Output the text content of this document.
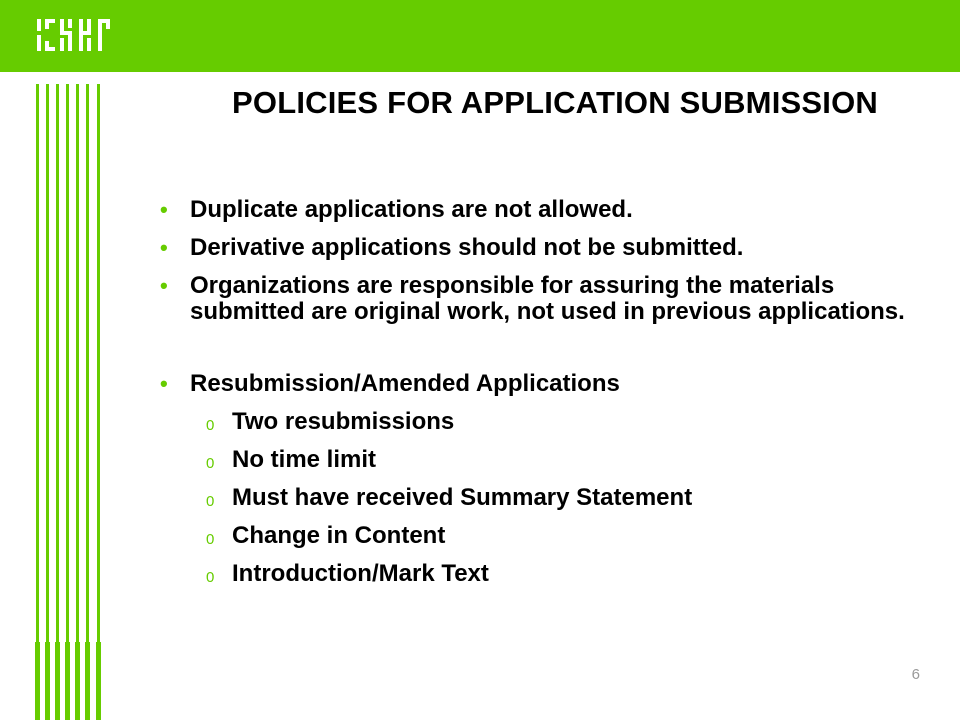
POLICIES FOR APPLICATION SUBMISSION
• Duplicate applications are not allowed.
• Derivative applications should not be submitted.
• Organizations are responsible for assuring the materials submitted are original work, not used in previous applications.
• Resubmission/Amended Applications
0 Two resubmissions
0 No time limit
0 Must have received Summary Statement
0 Change in Content
0 Introduction/Mark Text
6
